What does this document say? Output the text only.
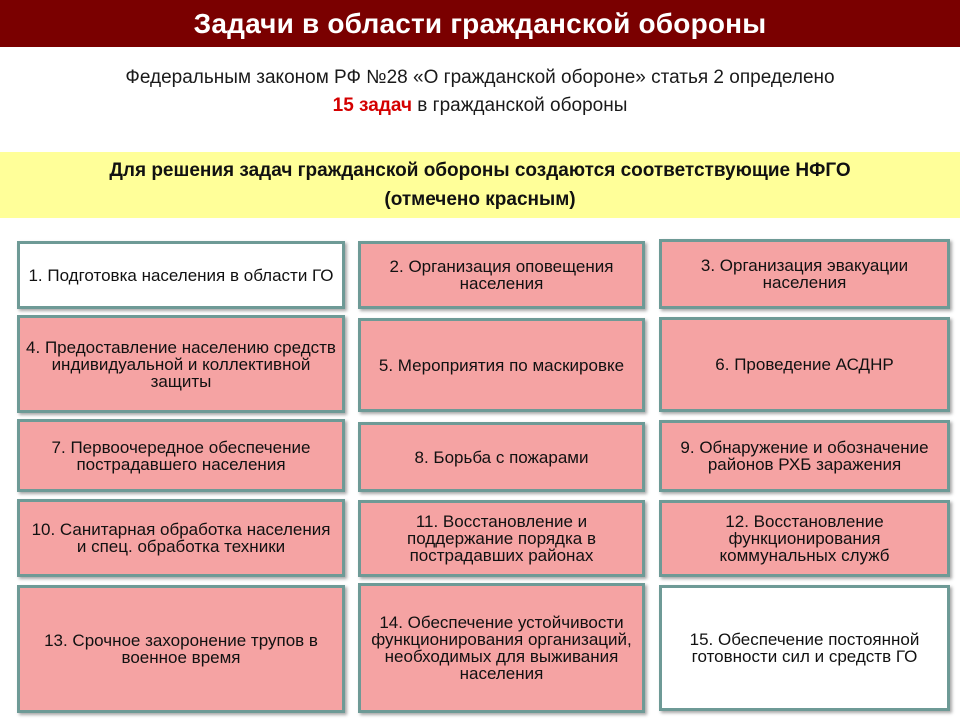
Задачи в области гражданской обороны
Федеральным законом РФ №28 «О гражданской обороне» статья 2 определено
15 задач в гражданской обороны
Для решения задач гражданской обороны создаются соответствующие НФГО
(отмечено красным)
1. Подготовка населения в области ГО	2. Организация оповещения населения
3. Организация эвакуации населения
4. Предоставление населению средств индивидуальной и коллективной защиты
5. Мероприятия по маскировке	6. Проведение АСДНР
7. Первоочередное обеспечение пострадавшего населения	8. Борьба с пожарами	9. Обнаружение и обозначение районов РХБ заражения
10. Санитарная обработка населения и спец. обработка техники
11. Восстановление и поддержание порядка в пострадавших районах
12. Восстановление функционирования коммунальных служб
13. Срочное захоронение трупов в военное время
14. Обеспечение устойчивости функционирования организаций, необходимых для выживания населения
15. Обеспечение постоянной готовности сил и средств ГО
